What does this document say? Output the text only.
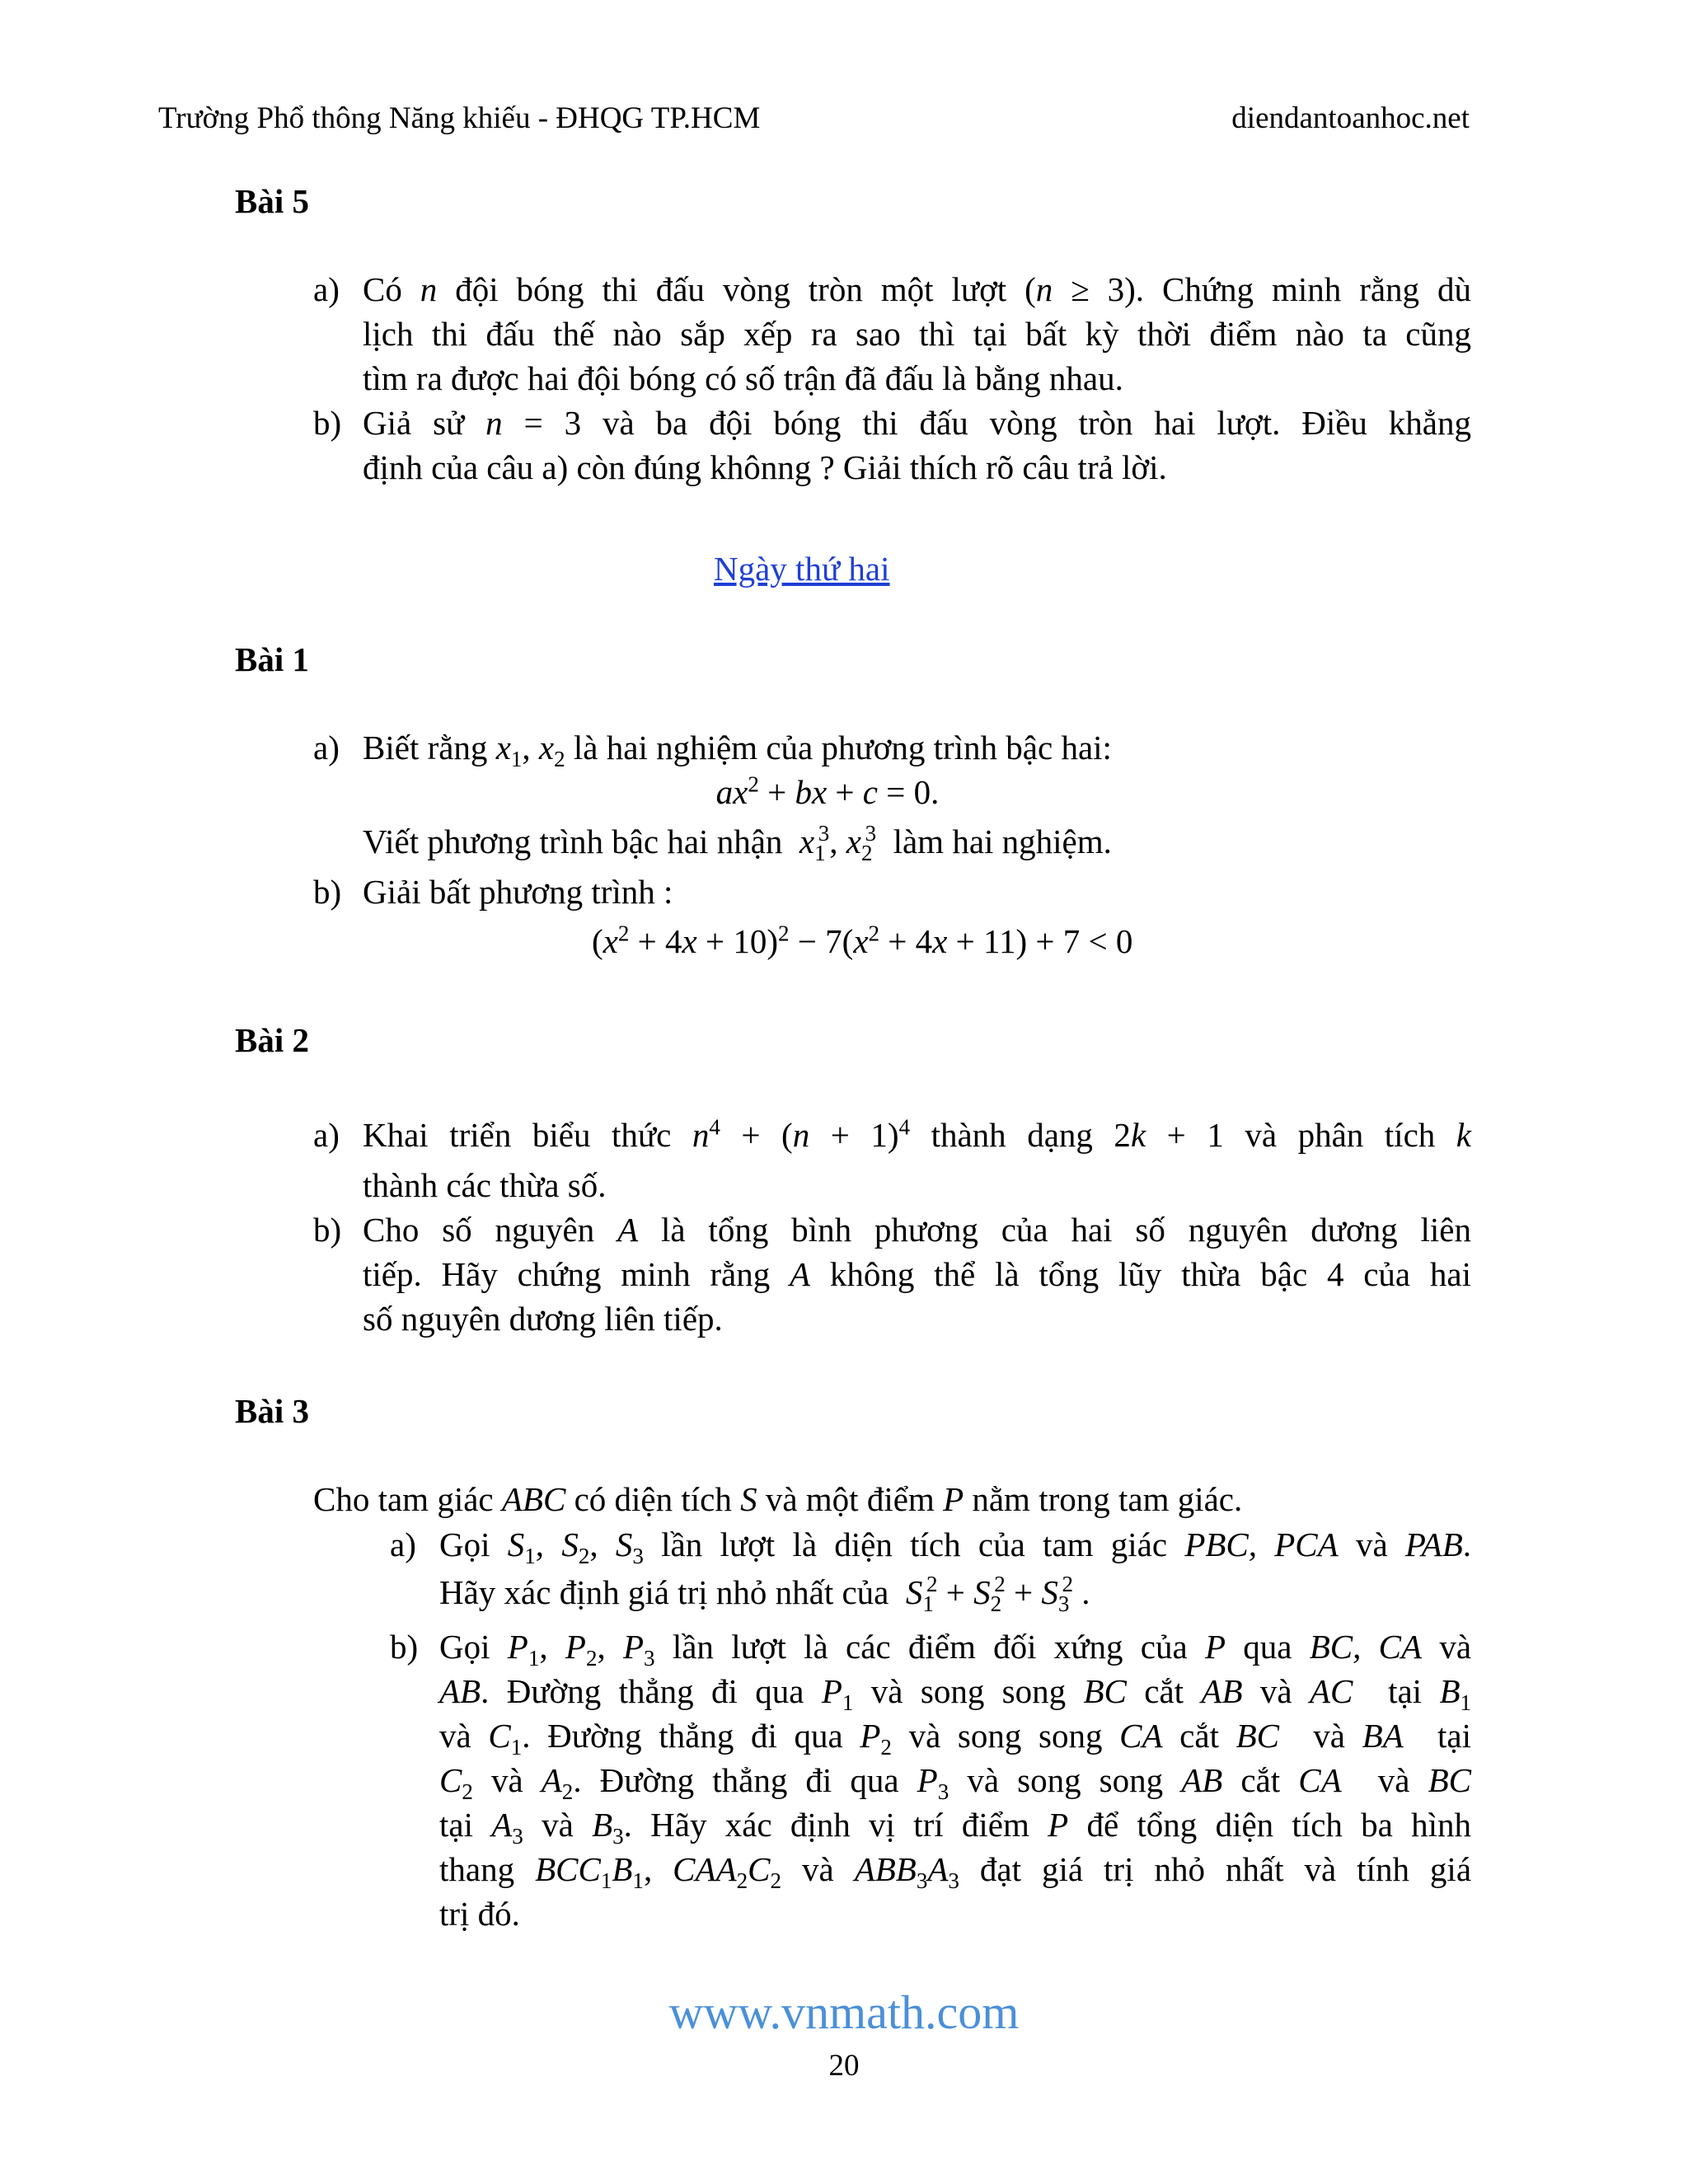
Trường Phổ thông Năng khiếu - ĐHQG TP.HCM	diendantoanhoc.net
Bài 5
a) Có n đội bóng thi đấu vòng tròn một lượt (n ≥ 3). Chứng minh rằng dù
lịch thi đấu thế nào sắp xếp ra sao thì tại bất kỳ thời điểm nào ta cũng
tìm ra được hai đội bóng có số trận đã đấu là bằng nhau.
b) Giả sử n = 3 và ba đội bóng thi đấu vòng tròn hai lượt. Điều khẳng
định của câu a) còn đúng khônng ? Giải thích rõ câu trả lời.
Ngày thứ hai
Bài 1
a) Biết rằng $x_1$, $x_2$ là hai nghiệm của phương trình bậc hai:
$ax^2$ + bx + c = 0.
Viết phương trình bậc hai nhận  $x_1^3$, $x_2^3$  làm hai nghiệm.
b) Giải bất phương trình :
$(x^2 + 4x + 10)^2 - 7(x^2 + 4x + 11) + 7 < 0$
Bài 2
a) Khai triển biểu thức $n^4 + (n + 1)^4$ thành dạng 2k + 1 và phân tích k
thành các thừa số.
b) Cho số nguyên A là tổng bình phương của hai số nguyên dương liên
tiếp. Hãy chứng minh rằng A không thể là tổng lũy thừa bậc 4 của hai
số nguyên dương liên tiếp.
Bài 3
Cho tam giác ABC có diện tích S và một điểm P nằm trong tam giác.
a) Gọi $S_1$, $S_2$, $S_3$ lần lượt là diện tích của tam giác PBC, PCA và PAB.
Hãy xác định giá trị nhỏ nhất của  $S_1^2 + S_2^2 + S_3^2$ .
b) Gọi $P_1$, $P_2$, $P_3$ lần lượt là các điểm đối xứng của P qua BC, CA và
AB. Đường thẳng đi qua $P_1$ và song song BC cắt AB và AC  tại $B_1$
và $C_1$. Đường thẳng đi qua $P_2$ và song song CA cắt BC  và BA  tại
$C_2$ và $A_2$. Đường thẳng đi qua $P_3$ và song song AB cắt CA  và BC
tại $A_3$ và $B_3$. Hãy xác định vị trí điểm P để tổng diện tích ba hình
thang $BCC_1B_1$, $CAA_2C_2$ và $ABB_3A_3$ đạt giá trị nhỏ nhất và tính giá
trị đó.
www.vnmath.com
20
